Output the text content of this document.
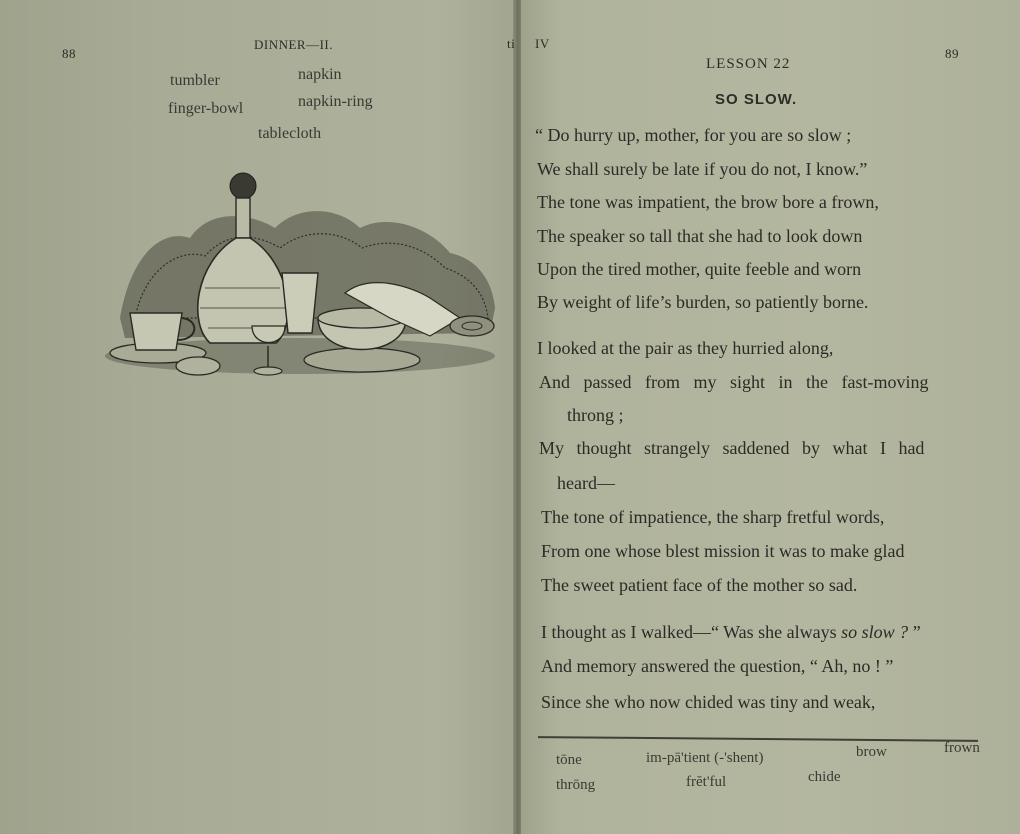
88
DINNER—II.
tumbler	napkin
finger-bowl	napkin-ring
tablecloth
ti IV
LESSON 22
89
SO SLOW.
“ Do hurry up, mother, for you are so slow ;
We shall surely be late if you do not, I know.”
The tone was impatient, the brow bore a frown,
The speaker so tall that she had to look down
Upon the tired mother, quite feeble and worn
By weight of life’s burden, so patiently borne.
I looked at the pair as they hurried along,
And passed from my sight in the fast-moving
throng ;
My thought strangely saddened by what I had
heard—
The tone of impatience, the sharp fretful words,
From one whose blest mission it was to make glad
The sweet patient face of the mother so sad.
I thought as I walked—“ Was she always so slow ? ”
And memory answered the question, “ Ah, no ! ”
Since she who now chided was tiny and weak,
tōne	im-pā'tient (-'shent)	brow	frown
thrōng	frĕt'ful	chide
